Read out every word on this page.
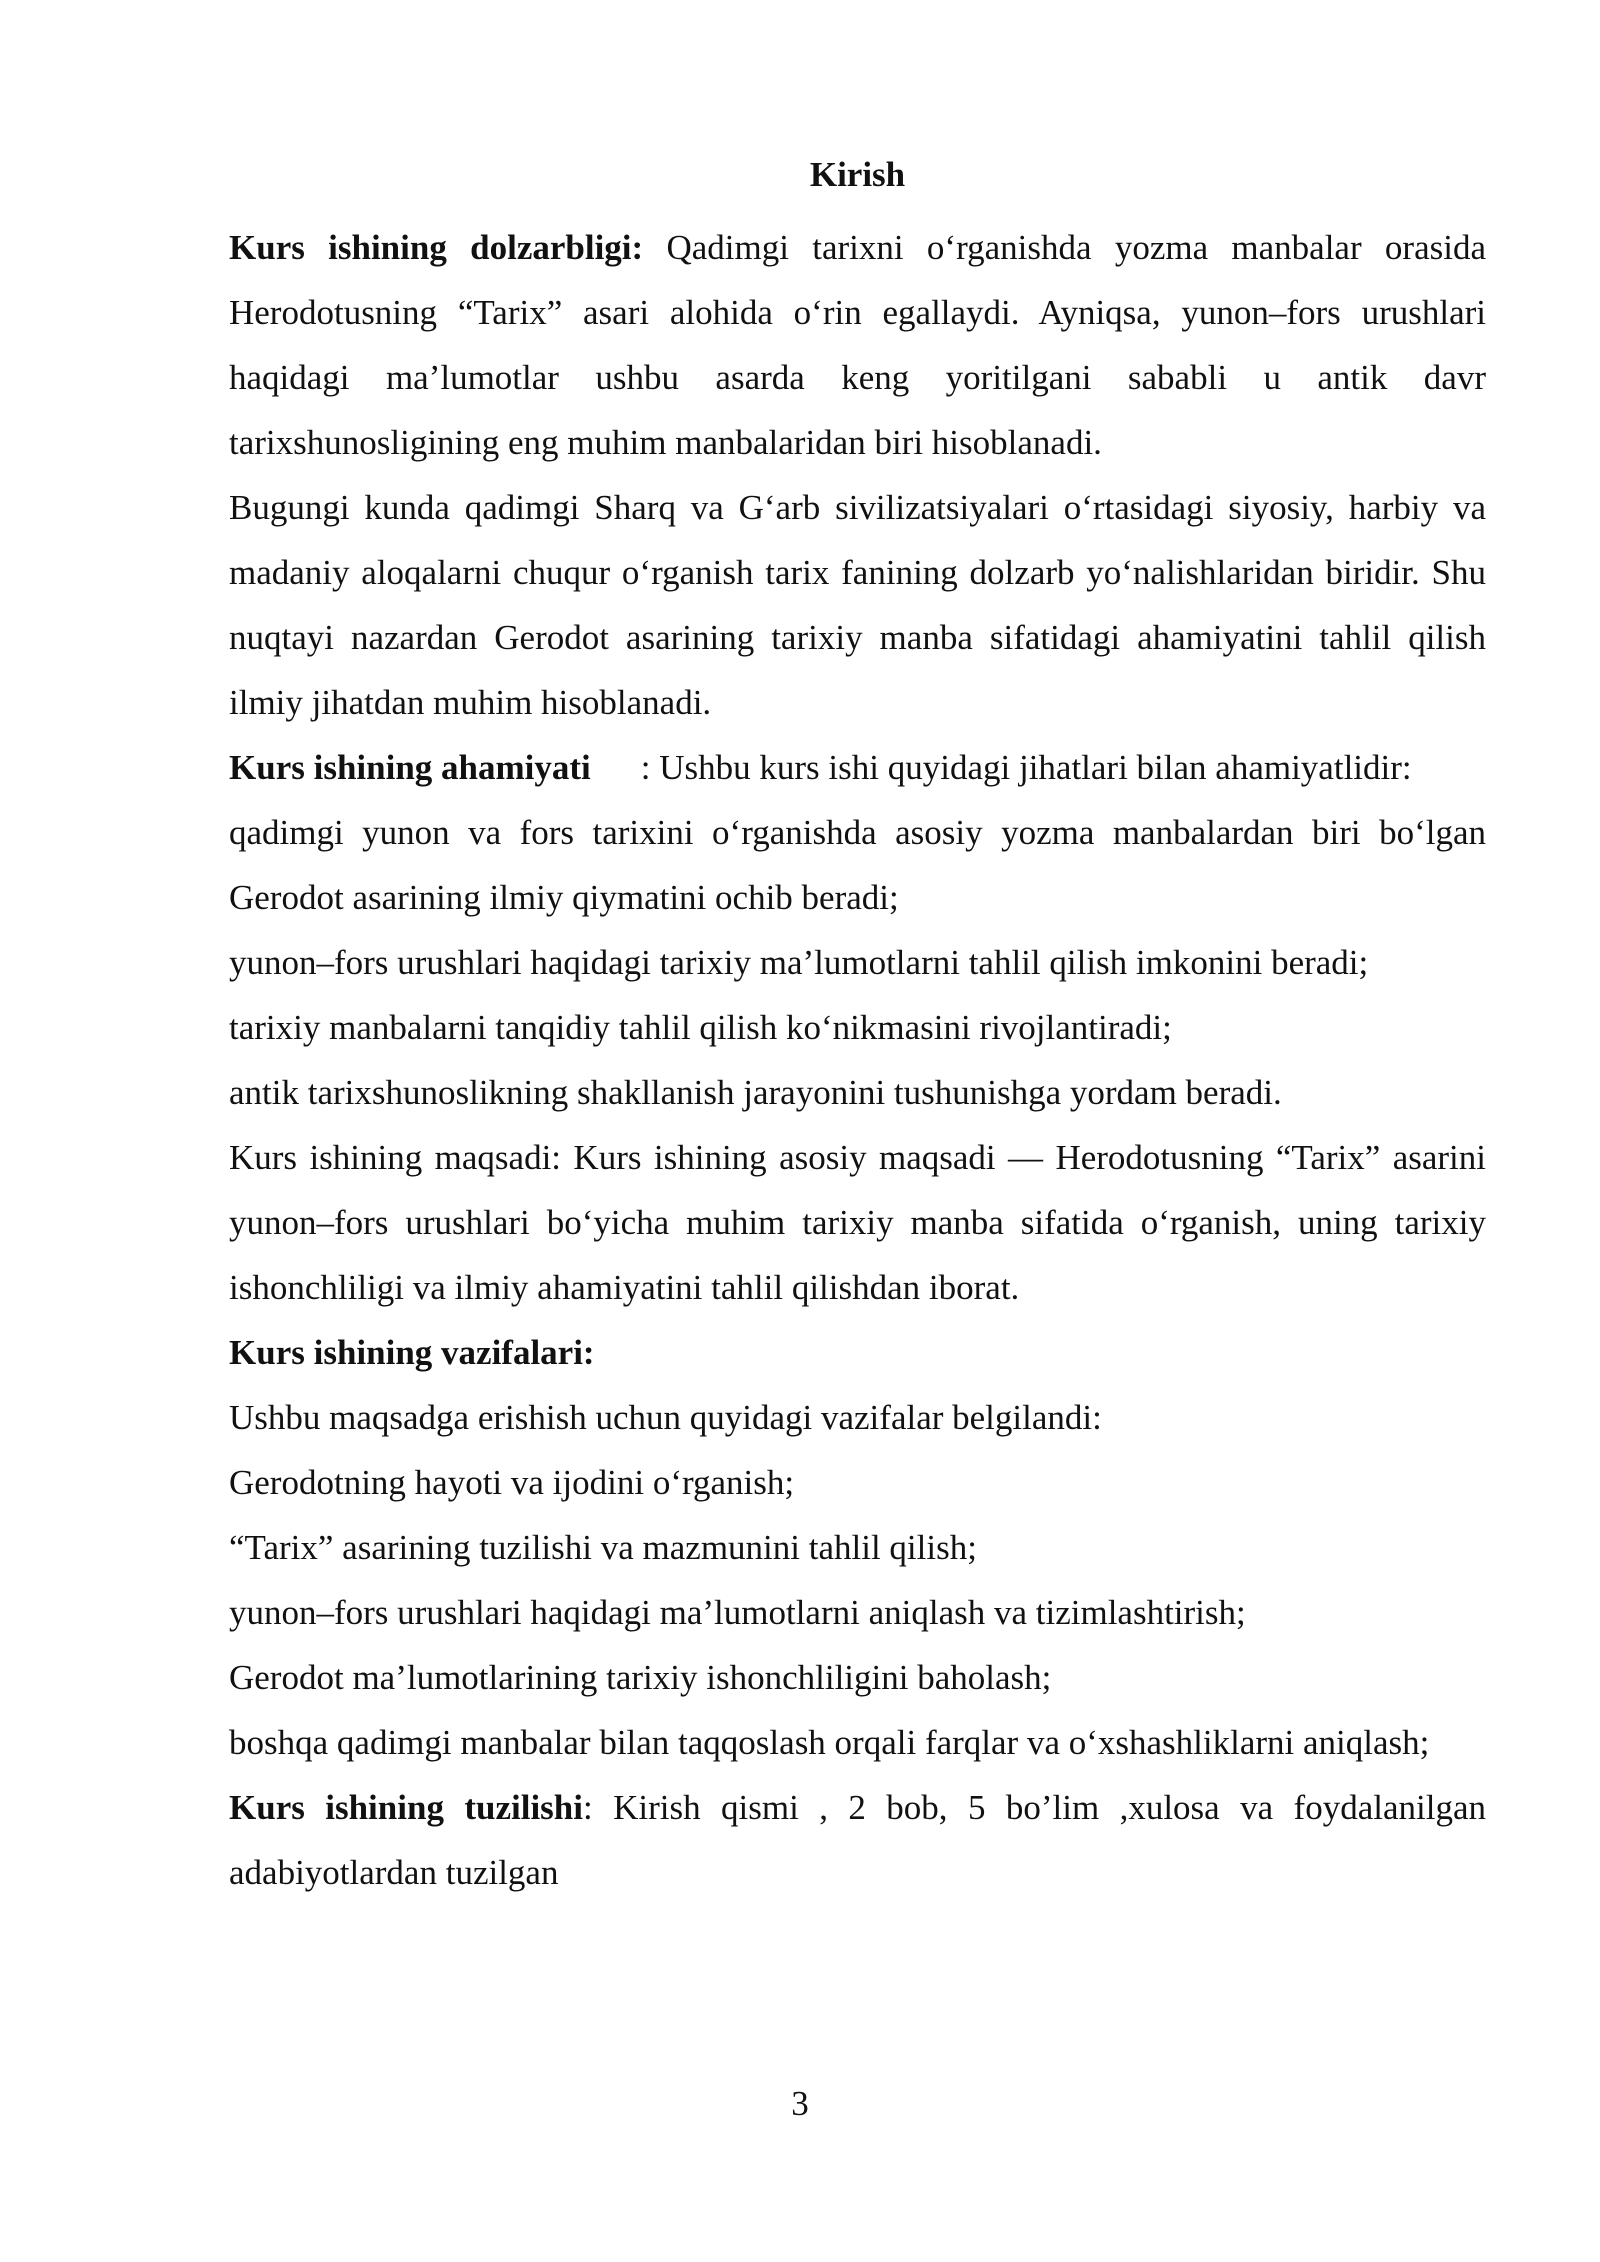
Kirish

Kurs ishining dolzarbligi: Qadimgi tarixni o‘rganishda yozma manbalar orasida Herodotusning “Tarix” asari alohida o‘rin egallaydi. Ayniqsa, yunon–fors urushlari haqidagi ma’lumotlar ushbu asarda keng yoritilgani sababli u antik davr tarixshunosligining eng muhim manbalaridan biri hisoblanadi.

Bugungi kunda qadimgi Sharq va G‘arb sivilizatsiyalari o‘rtasidagi siyosiy, harbiy va madaniy aloqalarni chuqur o‘rganish tarix fanining dolzarb yo‘nalishlaridan biridir. Shu nuqtayi nazardan Gerodot asarining tarixiy manba sifatidagi ahamiyatini tahlil qilish ilmiy jihatdan muhim hisoblanadi.

Kurs ishining ahamiyati : Ushbu kurs ishi quyidagi jihatlari bilan ahamiyatlidir:

qadimgi yunon va fors tarixini o‘rganishda asosiy yozma manbalardan biri bo‘lgan Gerodot asarining ilmiy qiymatini ochib beradi;

yunon–fors urushlari haqidagi tarixiy ma’lumotlarni tahlil qilish imkonini beradi;

tarixiy manbalarni tanqidiy tahlil qilish ko‘nikmasini rivojlantiradi;

antik tarixshunoslikning shakllanish jarayonini tushunishga yordam beradi.

Kurs ishining maqsadi: Kurs ishining asosiy maqsadi — Herodotusning “Tarix” asarini yunon–fors urushlari bo‘yicha muhim tarixiy manba sifatida o‘rganish, uning tarixiy ishonchliligi va ilmiy ahamiyatini tahlil qilishdan iborat.

Kurs ishining vazifalari:

Ushbu maqsadga erishish uchun quyidagi vazifalar belgilandi:

Gerodotning hayoti va ijodini o‘rganish;

“Tarix” asarining tuzilishi va mazmunini tahlil qilish;

yunon–fors urushlari haqidagi ma’lumotlarni aniqlash va tizimlashtirish;

Gerodot ma’lumotlarining tarixiy ishonchliligini baholash;

boshqa qadimgi manbalar bilan taqqoslash orqali farqlar va o‘xshashliklarni aniqlash;

Kurs ishining tuzilishi: Kirish qismi , 2 bob, 5 bo’lim ,xulosa va foydalanilgan adabiyotlardan tuzilgan

3
